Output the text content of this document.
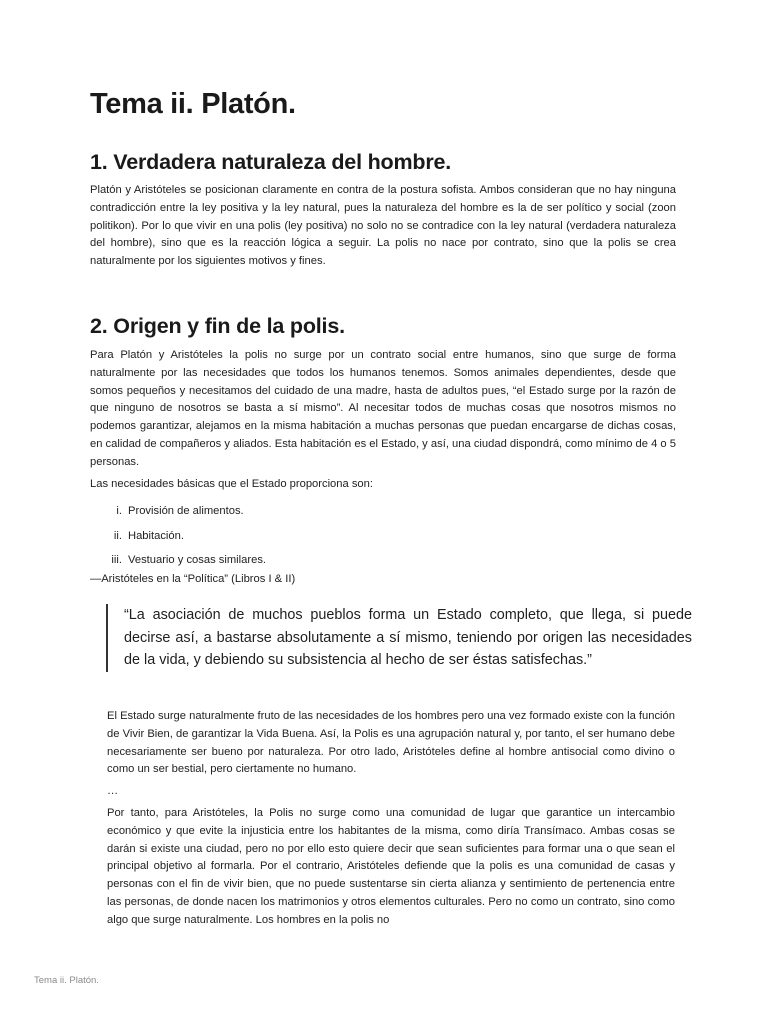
Tema ii. Platón.
1. Verdadera naturaleza del hombre.

Platón y Aristóteles se posicionan claramente en contra de la postura sofista. Ambos consideran que no hay ninguna contradicción entre la ley positiva y la ley natural, pues la naturaleza del hombre es la de ser político y social (zoon politikon). Por lo que vivir en una polis (ley positiva) no solo no se contradice con la ley natural (verdadera naturaleza del hombre), sino que es la reacción lógica a seguir. La polis no nace por contrato, sino que la polis se crea naturalmente por los siguientes motivos y fines.

2. Origen y fin de la polis.

Para Platón y Aristóteles la polis no surge por un contrato social entre humanos, sino que surge de forma naturalmente por las necesidades que todos los humanos tenemos. Somos animales dependientes, desde que somos pequeños y necesitamos del cuidado de una madre, hasta de adultos pues, “el Estado surge por la razón de que ninguno de nosotros se basta a sí mismo”. Al necesitar todos de muchas cosas que nosotros mismos no podemos garantizar, alejamos en la misma habitación a muchas personas que puedan encargarse de dichas cosas, en calidad de compañeros y aliados. Esta habitación es el Estado, y así, una ciudad dispondrá, como mínimo de 4 o 5 personas.

Las necesidades básicas que el Estado proporciona son:

i. Provisión de alimentos.
ii. Habitación.
iii. Vestuario y cosas similares.
—Aristóteles en la “Política” (Libros I & II)

“La asociación de muchos pueblos forma un Estado completo, que llega, si puede decirse así, a bastarse absolutamente a sí mismo, teniendo por origen las necesidades de la vida, y debiendo su subsistencia al hecho de ser éstas satisfechas.”

El Estado surge naturalmente fruto de las necesidades de los hombres pero una vez formado existe con la función de Vivir Bien, de garantizar la Vida Buena. Así, la Polis es una agrupación natural y, por tanto, el ser humano debe necesariamente ser bueno por naturaleza. Por otro lado, Aristóteles define al hombre antisocial como divino o como un ser bestial, pero ciertamente no humano.

…

Por tanto, para Aristóteles, la Polis no surge como una comunidad de lugar que garantice un intercambio económico y que evite la injusticia entre los habitantes de la misma, como diría Transímaco. Ambas cosas se darán si existe una ciudad, pero no por ello esto quiere decir que sean suficientes para formar una o que sean el principal objetivo al formarla. Por el contrario, Aristóteles defiende que la polis es una comunidad de casas y personas con el fin de vivir bien, que no puede sustentarse sin cierta alianza y sentimiento de pertenencia entre las personas, de donde nacen los matrimonios y otros elementos culturales. Pero no como un contrato, sino como algo que surge naturalmente. Los hombres en la polis no

Tema ii. Platón.
